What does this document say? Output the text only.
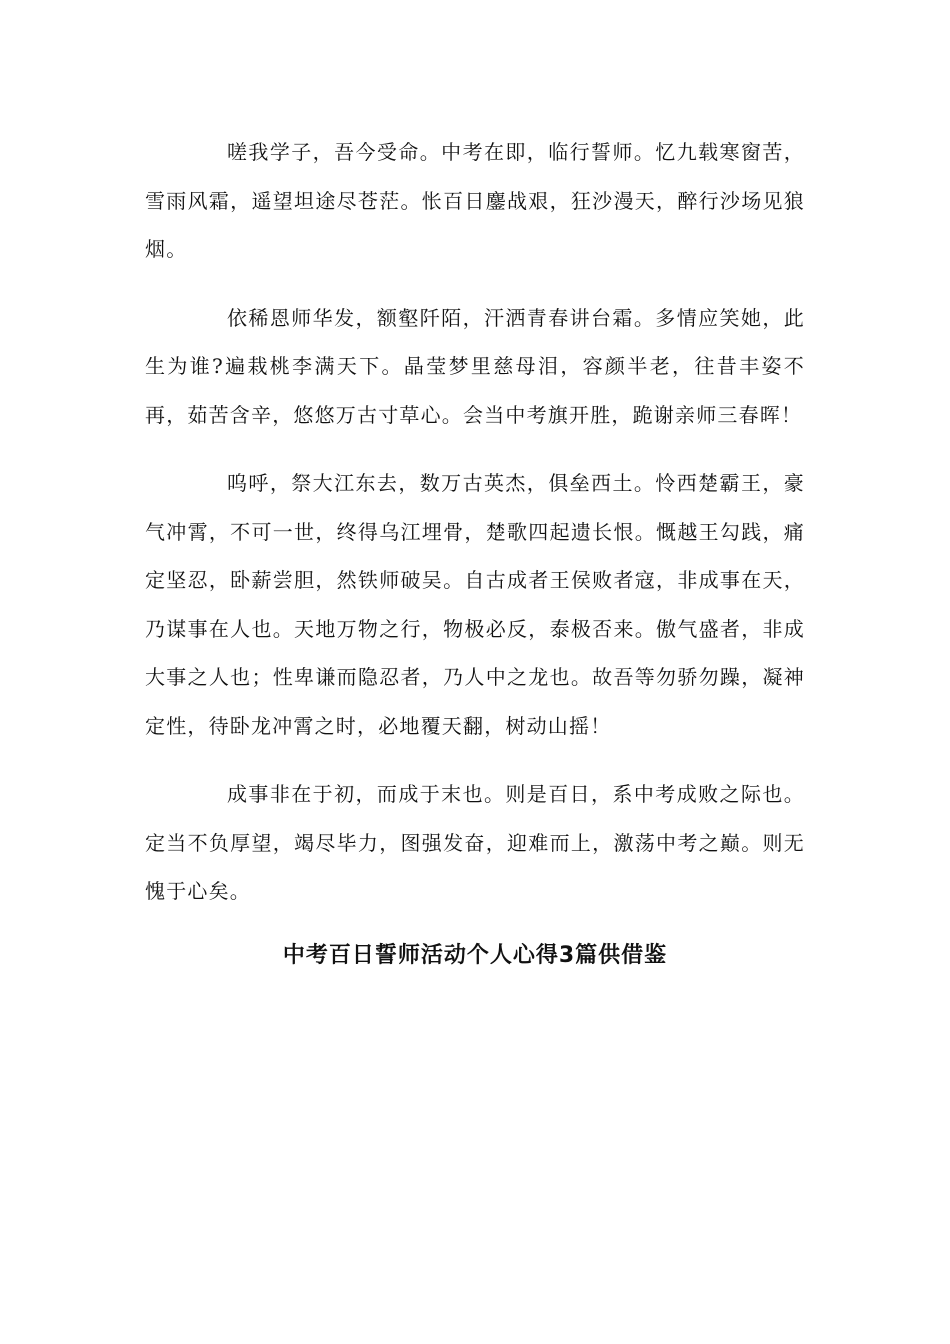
嗟我学子，吾今受命。中考在即，临行誓师。忆九载寒窗苦，雪雨风霜，遥望坦途尽苍茫。怅百日鏖战艰，狂沙漫天，醉行沙场见狼烟。

依稀恩师华发，额壑阡陌，汗洒青春讲台霜。多情应笑她，此生为谁?遍栽桃李满天下。晶莹梦里慈母泪，容颜半老，往昔丰姿不再，茹苦含辛，悠悠万古寸草心。会当中考旗开胜，跪谢亲师三春晖！

呜呼，祭大江东去，数万古英杰，俱垒西土。怜西楚霸王，豪气冲霄，不可一世，终得乌江埋骨，楚歌四起遗长恨。慨越王勾践，痛定坚忍，卧薪尝胆，然铁师破吴。自古成者王侯败者寇，非成事在天，乃谋事在人也。天地万物之行，物极必反，泰极否来。傲气盛者，非成大事之人也；性卑谦而隐忍者，乃人中之龙也。故吾等勿骄勿躁，凝神定性，待卧龙冲霄之时，必地覆天翻，树动山摇！

成事非在于初，而成于末也。则是百日，系中考成败之际也。定当不负厚望，竭尽毕力，图强发奋，迎难而上，激荡中考之巅。则无愧于心矣。

中考百日誓师活动个人心得3篇供借鉴
